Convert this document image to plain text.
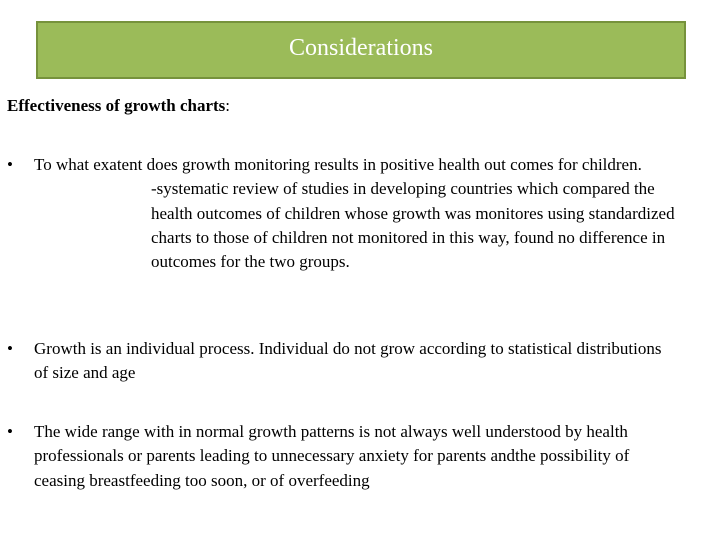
Considerations
Effectiveness of growth charts:
• To what exatent does growth monitoring results in positive health out comes for children.
-systematic review of studies in developing countries which compared the health outcomes of children whose growth was monitores using standardized charts to those of children not monitored in this way, found no difference in outcomes for the two groups.
• Growth is an individual process. Individual do not grow according to statistical distributions of size and age
• The wide range with in normal growth patterns is not always well understood by health professionals or parents leading to unnecessary anxiety for parents andthe possibility of ceasing breastfeeding too soon, or of overfeeding
